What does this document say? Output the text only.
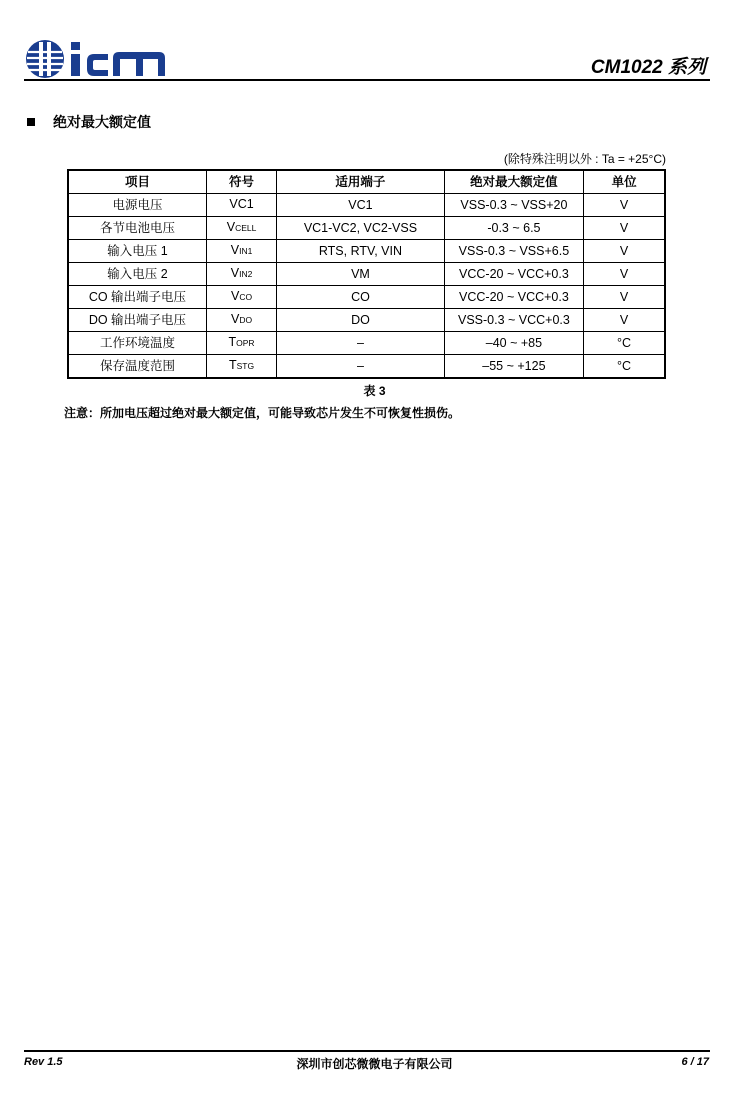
CM1022 系列
绝对最大额定值
(除特殊注明以外 : Ta = +25°C)
项目	符号	适用端子	绝对最大额定值	单位
电源电压	VC1	VC1	VSS-0.3 ~ VSS+20	V
各节电池电压	VCELL	VC1-VC2, VC2-VSS	-0.3 ~ 6.5	V
输入电压 1	VIN1	RTS, RTV, VIN	VSS-0.3 ~ VSS+6.5	V
输入电压 2	VIN2	VM	VCC-20 ~ VCC+0.3	V
CO 输出端子电压	VCO	CO	VCC-20 ~ VCC+0.3	V
DO 输出端子电压	VDO	DO	VSS-0.3 ~ VCC+0.3	V
工作环境温度	TOPR	–	–40 ~ +85	°C
保存温度范围	TSTG	–	–55 ~ +125	°C
表 3
注意：所加电压超过绝对最大额定值，可能导致芯片发生不可恢复性损伤。
Rev 1.5	深圳市创芯微微电子有限公司	6 / 17
